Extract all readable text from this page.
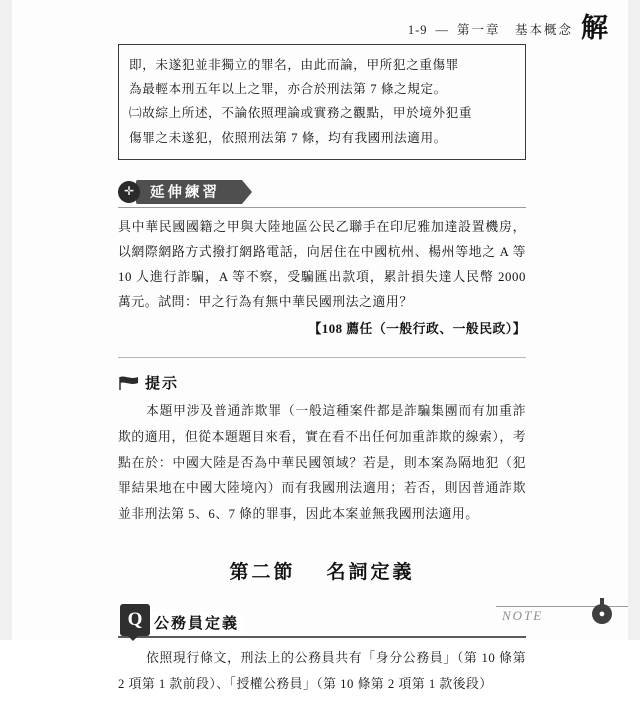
1-9 — 第一章　基本概念 解

即，未遂犯並非獨立的罪名，由此而論，甲所犯之重傷罪

為最輕本刑五年以上之罪，亦合於刑法第 7 條之規定。

㈡故綜上所述，不論依照理論或實務之觀點，甲於境外犯重

傷罪之未遂犯，依照刑法第 7 條，均有我國刑法適用。

✛	延伸練習

具中華民國國籍之甲與大陸地區公民乙聯手在印尼雅加達設置機房，以網際網路方式撥打網路電話，向居住在中國杭州、楊州等地之 A 等 10 人進行詐騙，A 等不察，受騙匯出款項，累計損失達人民幣 2000 萬元。試問：甲之行為有無中華民國刑法之適用？

【108 薦任（一般行政、一般民政）】
提示

本題甲涉及普通詐欺罪（一般這種案件都是詐騙集團而有加重詐欺的適用，但從本題題目來看，實在看不出任何加重詐欺的線索），考點在於：中國大陸是否為中華民國領域？若是，則本案為隔地犯（犯罪結果地在中國大陸境內）而有我國刑法適用；若否，則因普通詐欺並非刑法第 5、6、7 條的罪事，因此本案並無我國刑法適用。

第二節 名詞定義
Q 公務員定義

依照現行條文，刑法上的公務員共有「身分公務員」（第 10 條第 2 項第 1 款前段）、「授權公務員」（第 10 條第 2 項第 1 款後段）

NOTE	●
